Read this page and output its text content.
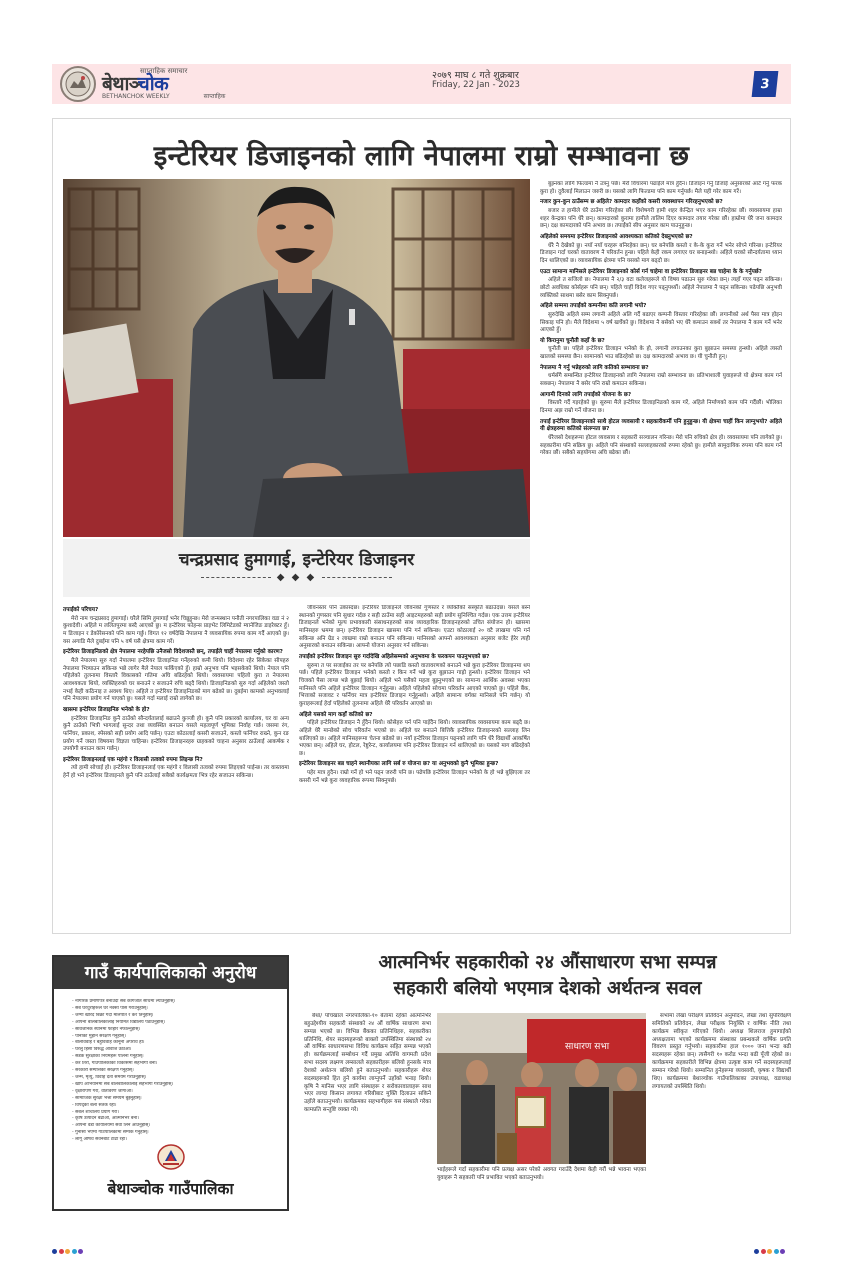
साप्ताहिक समाचार
बेथाञ्चोक
BETHANCHOK WEEKLY	साप्ताहिक
२०७९ माघ ८ गते शुक्रबार
Friday, 22 Jan - 2023	3
इन्टेरियर डिजाइनको लागि नेपालमा राम्रो सम्भावना छ
चन्द्रप्रसाद हुमागाई, इन्टेरियर डिजाइनर
◆ ◆ ◆
तपाईंको परिचय?

मेरो नाम चन्द्रप्रसाद हुमागाई। घरैले सिमि हुमागाई भनेर चिन्नुहुन्छ। मेरो जन्मस्थान पनौती नगरपालिका वडा नं २ कुशादेवी। अहिले म ललितपुरमा बस्दै आएको छु। म इन्टेरियर फोहन्स प्राइभेट लिमिटेडको म्यानेजिङ डाइरेक्टर हुँ। म डिजाइन र डेकोरेसनको पनि काम गर्छु। विगत १२ वर्षदेखि नेपालमा नै व्यवसायिक रुपमा काम गर्दै आएको छु। यस अगाडि मैले दुबईमा पनि ५ वर्ष यसै क्षेत्रमा काम गरें।

इन्टेरियर डिजाइनिङको क्षेत्र नेपालमा नरहेपछि उनैजसो विदेशजस्तै छन्, तपाईंले चाहीं नेपालमा गर्नुको कारण?

मैले नेपालमा सुरु गर्दा नेपालमा इन्टेरियर डिजाइनिङ गर्नेहरुको कमी थियो। विदेशमा रहेर सिकेका सीपहरु नेपालमा भित्र्याउन सकिन्छ भन्ने लागेर मैले नेपाल फर्किएको हुँ। हाम्रो अनुभव पनि भइसकेको थियो। नेपाल पनि पहिलेको तुलनामा विस्तारै विकासको गतिमा अघि बढिरहेको थियो। व्यवसायमा पहिलो कुरा त नेपालमा आवश्यकता थियो, व्यक्तिहरुको घर बनाउने र सजाउने रुचि बढ्दै थियो। डिजाइनिङको सुरु गर्दा अहिलेको जस्तो नभई केही कठिनाइ त अवश्य थिए। अहिले त इन्टेरियर डिजाइनिङको माग बढेको छ। दुबईमा कामको अनुभवलाई पनि नेपालमा प्रयोग गर्न पाएको छु। यसले गर्दा मलाई राम्रो लागेको छ।

खासमा इन्टेरियर डिजाइनिङ भनेको के हो?

इन्टेरियर डिजाइनिङ कुनै ठाउँको सौन्दर्यतालाई बढाउने कुञ्जी हो। कुनै पनि प्रकारको कार्यालय, घर वा अन्य कुनै ठाउँको भित्री भागलाई सुन्दर तथा व्यवस्थित बनाउन यसले महत्वपूर्ण भूमिका निर्वाह गर्छ। जसमा रंग, फर्निचर, प्रकाश, स्पेसको सही प्रयोग आदि पर्छन्। एउटा कोठालाई कसरी सजाउने, कस्तो फर्निचर राख्ने, कुन रङ प्रयोग गर्ने जस्ता विषयमा विज्ञता चाहिन्छ। इन्टेरियर डिजाइनरहरु ग्राहकको चाहना अनुसार ठाउँलाई आकर्षक र उपयोगी बनाउन काम गर्छन्।

इन्टेरियर डिजाइनलाई एक महंगो र विलासी तत्वको रुपमा लिइन्छ नि?

त्यो हामी सोचाई हो। इन्टेरियर डिजाइनलाई एक महंगो र विलासी तत्वको रुपमा लिइएको पाईन्छ। तर वास्तवमा हेर्ने हो भने इन्टेरियर डिजाइनले कुनै पनि ठाउँलाई सबैको कार्यक्षमता भित्र रहेर सजाउन सकिन्छ।

जीवनस्तर पनि उकास्दछ। इन्टेरियर डिजाइनले जीवनको गुणस्तर र व्यक्तिको संस्कृति बढाउँदछ। यसले बस्ने स्थानको गुणस्तर पनि सुधार गर्दछ र सही ठाउँमा सही आइटमहरुको सही प्रयोग सुनिश्चित गर्दछ। एक उत्तम इन्टेरियर डिजाइनले भनेको मूल्य प्रभावकारी संसाधनहरुको साथ व्यावहारिक डिजाइनहरुको उचित संयोजन हो। खासमा मानिसहरु भ्रममा छन्। इन्टेरियर डिजाइन खासमा पनि गर्न सकिन्छ। एउटा कोठालाई २० वटै लाखमा पनि गर्न सकिन्छ अनि ग्रेड २ लाखमा राम्रो बनाउन पनि सकिन्छ। मानिसको आफ्नो आवश्यकता अनुसार बजेट हेरेर त्यही अनुसारको बनाउन सकिन्छ। आफ्नो योजना अनुसार गर्न सकिन्छ।

तपाईंको इन्टेरियर डिजाइन सुरु गर्दादेखि अहिलेसम्मको अनुभवमा के फरकपन पाउनुभएको छ?

सुरुमा त पर सजाईका तर पर बनेपछि त्यो पछाडि कस्तो वातावरणको बनाउने भन्ने कुरा इन्टेरियर डिजाइनमा थप पर्छ। पहिले इन्टेरियर डिजाइन भनेको कस्तो र किन गर्ने भन्ने कुरा बुझाउन गाह्रो हुन्थ्यो। इन्टेरियर डिजाइन भने चिजको पैसा लाग्छ भन्ने बुझाई थियो। अहिले भने यसैको महत्व बुझ्नुभएको छ। सामान्य आर्थिक अवस्था भएका मानिसले पनि अहिले इन्टेरियर डिजाइन गर्नुहुन्छ। अहिले पहिलेको सोचमा परिवर्तन आएको पाएको छु। पहिले बैंक, भित्ताको सजावट र फर्निचर मात्र इन्टेरियर डिजाइन गर्नुहुन्थ्यो। अहिले सामान्य वर्गका मानिसले पनि गर्छन्। यो कुराहरूलाई हेर्दा पहिलेको तुलनामा अहिले धेरै परिवर्तन आएको छ।

अहिले यसको माग कहाँ कतिको छ?

पहिले इन्टेरियर डिजाइन नै हुँदैन थियो। कोसेहरु पर्न पनि पाइँदैन थियो। व्यावसायिक व्यवसायमा काम बढ्दै छ। अहिले धेरै मान्छेको सोच परिवर्तन भएको छ। अहिले घर बनाउने बित्तिकै इन्टेरियर डिजाइनरको सल्लाह लिन थालिएको छ। अहिले मानिसहरूमा चेतना बढेको छ। नयाँ इन्टेरियर डिजाइन पढ्नको लागि पनि धेरै विद्यार्थी आकर्षित भएका छन्। अहिले घर, होटल, रेष्टुरेन्ट, कार्यालयमा पनि इन्टेरियर डिजाइन गर्न थालिएको छ। यसको माग बढिरहेको छ।

इन्टेरियर डिजाइनर बन्न चाहने स्थानीयका लागि सर्ब रु योजना छ? या अनुभवको कुनै भूमिका हुन्छ?

पहेर मात्र हुदैन। राम्रो गर्ने हो भने पढ्न जरुरी पनि छ। पढेपछि इन्टेरियर डिजाइन भनेको के हो भन्ने बुझिएला तर कसरी गर्ने भन्ने कुरा व्यवहारिक रूपमा सिक्नुपर्छ।

बुझ्नका लागि फिल्डमा नै उत्रनु पर्छ। मेरो विचारमा पढाईले मात्र हुँदैन। डिजाइन गर्नु डिजाई अनुसारको आर्ट गर्नु फरक कुरा हो। दुवैलाई मिलाउन जरुरी छ। यसको लागि फिल्डमा पनि काम गर्नुपर्छ। मैले यही गरेर काम गरें।

नजार कुन-कुन ठाउँसम्म छ अहिले? कामदार कहाँको कसरी व्यवस्थापन गरिरहनुभएको छ?

बजार त हामीले धेरै ठाउँमा गरिरहेका छौं। विशेषगरी हामी शहर केन्द्रित भएर काम गरिरहेका छौं। व्यवसायमा हाम्रा शहर केन्द्रका पनि धेरै छन्। कामदारको कुरामा हामीले तालिम दिएर कामदार तयार गरेका छौं। हाम्रोमा धेरै जना कामदार छन्। दक्ष कामदारको पनि अभाव छ। तपाईंको सीप अनुसार काम पाउनुहुन्छ।

अहिलेको समयमा इन्टेरियर डिजाइनको आवश्यकता कतिको देख्नुभएको छ?

धेरै नै देखेको छु। नयाँ नयाँ घरहरू बनिरहेका छन्। घर बनेपछि कस्तो र के-के कुरा गर्ने भनेर सोच्ने गरिन्छ। इन्टेरियर डिजाइन गर्दा घरको वातावरण नै परिवर्तन हुन्छ। पहिले केही रकम लगाएर घर बनाइन्थ्यो। अहिले घरको सौन्दर्यतामा ध्यान दिन थालिएको छ। व्यावसायिक क्षेत्रमा पनि यसको माग बढ्दो छ।

एउटा सामान्य मानिसले इन्टेरियर डिजाइनको कोर्स गर्न चाहेमा वा इन्टेरियर डिजाइनर बन्न चाहेमा के के गर्नुपर्छ?

अहिले त सजिलो छ। नेपालमा नै २/३ वटा कलेजहरूले यो विषय पढाउन सुरु गरेका छन्। त्यहाँ गएर पढ्न सकिन्छ। छोटो अवधिका कोर्सहरू पनि छन्। पहिले चाहीं विदेश गएर पढ्नुपर्थ्यो। अहिले नेपालमा नै पढ्न सकिन्छ। पढेपछि अनुभवी व्यक्तिको साथमा बसेर काम सिक्नुपर्छ।

अहिले सम्ममा तपाईंको कम्पनीमा कति लगानी भयो?

सुरुदेखि अहिले सम्म लगानी अहिले अलि गर्दै बढाएर कम्पनी विस्तार गरिरहेका छौं। लगानीको अर्थ पैसा मात्र होइन सिकाइ पनि हो। मैले विदेशमा ५ वर्ष खर्चेको छु। विदेशमा नै बसेको भए धेरै कमाउन सक्थें तर नेपालमा नै काम गर्ने भनेर आएको हुँ।

यो किरानुमा चुनौती कहाँ के छ?

चुनौती छ। पहिले इन्टेरियर डिजाइन भनेको के हो, लगानी लगाउनका कुरा बुझाउन समस्या हुन्थ्यो। अहिले त्यस्तो खालको समस्या छैन। सामानको भाउ बढिरहेको छ। दक्ष कामदारको अभाव छ। यी चुनौती हुन्।

नेपालमा नै गर्नु भन्नेहरुको लागि कतिको सम्भावना छ?

धर्मसँगै सम्बन्धित इन्टेरियर डिजाइनको लागि नेपालमा राम्रो सम्भावना छ। प्रतिभाशाली युवाहरूले यो क्षेत्रमा काम गर्न सक्छन्। नेपालमा नै बसेर पनि राम्रो कमाउन सकिन्छ।

आगामी दिनको लागि तपाईंको योजना के छ?

विस्तारै गर्दै गइरहेको छु। सुरुमा मैले इन्टेरियर डिजाइनिङको काम गरें, अहिले निर्माणको काम पनि गर्दैछौं। भोलिका दिनमा अझ राम्रो गर्ने योजना छ।

तपाईं इन्टेरियर डिजाइनरको साथै होटल व्यवसायी र सहकारीकर्मी पनि हुनुहुन्छ। यी क्षेत्रमा चाहीं किन लाग्नुभयो? अहिले यी क्षेत्रहरुमा कतिको संलग्नता छ?

धेरैजसो देशहरूमा होटल व्यवसाय र सहकारी सञ्चालन गरिन्छ। मेरो पनि रुचिको क्षेत्र हो। व्यवसायमा पनि लागेको छु। सहकारीमा पनि सक्रिय छु। अहिले पनि संस्थाको सल्लाहकारको रुपमा रहेको छु। हामीले सामुदायिक रुपमा पनि काम गर्ने गरेका छौं। सबैको सहयोगमा अघि बढेका छौं।

गाउँ कार्यपालिकाको अनुरोध
- नागरिक प्रमाणपत्र बनाउँदा सबै कागजात साथमा ल्याउनुहोस्।
- सबै घरधुरीहरूले घर नक्सा पास गराउनुहोस्।
- जग्गा खरिद बिक्री गर्दा मालपोत र कर तिर्नुहोस्।
- आफ्नो बालबालिकालाई नियमित विद्यालय पठाउनुहोस्।
- सार्वजनिक स्थानमा फोहोर नफाल्नुहोस्।
- पानीको मुहान संरक्षण गर्नुहोस्।
- बालविवाह र बहुविवाह कानूनी अपराध हो।
- घरेलु हिंसा विरुद्ध आवाज उठाऔं।
- सडक सुरक्षाका नियमहरू पालना गर्नुहोस्।
- कर तिरौं, गाउँपालिकाको विकासमा सहभागी बनौं।
- सरकारी सम्पत्तिको संरक्षण गर्नुहोस्।
- जन्म, मृत्यु, विवाह दर्ता समयमै गराउनुहोस्।
- खोप अभियानमा सबै बालबालिकालाई सहभागी गराउनुहोस्।
- वृक्षारोपण गरौं, वातावरण जोगाऔं।
- सामाजिक सुरक्षा भत्ता समयमै बुझ्नुहोस्।
- विपद्को बेला सतर्क रहौं।
- सबैले शौचालय प्रयोग गरौं।
- कृषि उत्पादन बढाऔं, आत्मनिर्भर बनौं।
- आफ्नो वडा कार्यालयमा सेवा लिन आउनुहोस्।
- गुनासो भएमा गाउँपालिकामा सम्पर्क गर्नुहोस्।
- लागू औषध सेवनबाट टाढा रहौं।
बेथाञ्चोक गाउँपालिका
आत्मनिर्भर सहकारीको २४ औंसाधारण सभा सम्पन्न
सहकारी बलियो भएमात्र देशको अर्थतन्त्र सवल

बेथा/ पाँचखाल नगरपालिका-१० बेतामा रहेको आत्मनिर्भर बहुउद्देश्यीय सहकारी संस्थाको २४ औं वार्षिक साधारण सभा सम्पन्न भएको छ। विभिन्न बैंकका प्रतिनिधिहरु, सहकारीका प्रतिनिधि, शेयर सदस्यहरूको बाक्लो उपस्थितिमा संस्थाको २४ औं वार्षिक साधारणसभा विविध कार्यक्रम सहित सम्पन्न भएको हो। कार्यक्रमलाई सम्बोधन गर्दै प्रमुख अतिथि वागमती प्रदेश सभा सदस्य लक्ष्मण लम्सालले सहकारीहरू बलियो हुनसके मात्र देशको अर्थतन्त्र बलियो हुने बताउनुभयो। सहकारीहरू शेयर सदस्यहरूको हित हुने कार्यमा लाग्नुपर्ने उहाँको भनाइ थियो। कृषि नै मानिस भएर लागि संस्थाहरू र सरोकारवालाहरू साथ भएर लाग्दा किसान लगायत गरिबीबाट मुक्ति दिलाउन सकिने उहाँले बताउनुभयो। कार्यक्रमका सहभागीहरू यस संस्थाले गरेका कामप्रति सन्तुष्टि व्यक्त गरे।

साधारण सभा
भाईहरूले गर्दा सहकारीमा पनि प्रत्यक्ष असर परेको अवगत गराउँदै देशमा केही गरौं भन्ने भावना भएका युवाहरू नै सहकारी पनि प्रभावित भएको बताउनुभयो।

सभामा लेखा परीक्षण प्रतिवेदन अनुमोदन, लेखा तथा सुपरिवेक्षण समितिको प्रतिवेदन, लेखा परीक्षक नियुक्ति र वार्षिक नीति तथा कार्यक्रम स्वीकृत गरिएको थियो। अध्यक्ष शिलराज हुमागाईको अध्यक्षतामा भएको कार्यक्रममा संस्थाका प्रबन्धकले वार्षिक प्रगति विवरण प्रस्तुत गर्नुभयो। सहकारीमा हाल १००० जना भन्दा बढी सदस्यहरू रहेका छन्। त्यसैगरी १० करोड भन्दा बढी पूँजी रहेको छ। कार्यक्रममा सहकारीले विभिन्न क्षेत्रमा उत्कृष्ट काम गर्ने सदस्यहरूलाई सम्मान गरेको थियो। सम्मानित हुनेहरूमा व्यवसायी, कृषक र विद्यार्थी थिए। कार्यक्रममा बेथाञ्चोक गाउँपालिकाका उपाध्यक्ष, वडाध्यक्ष लगायतको उपस्थिति थियो।
